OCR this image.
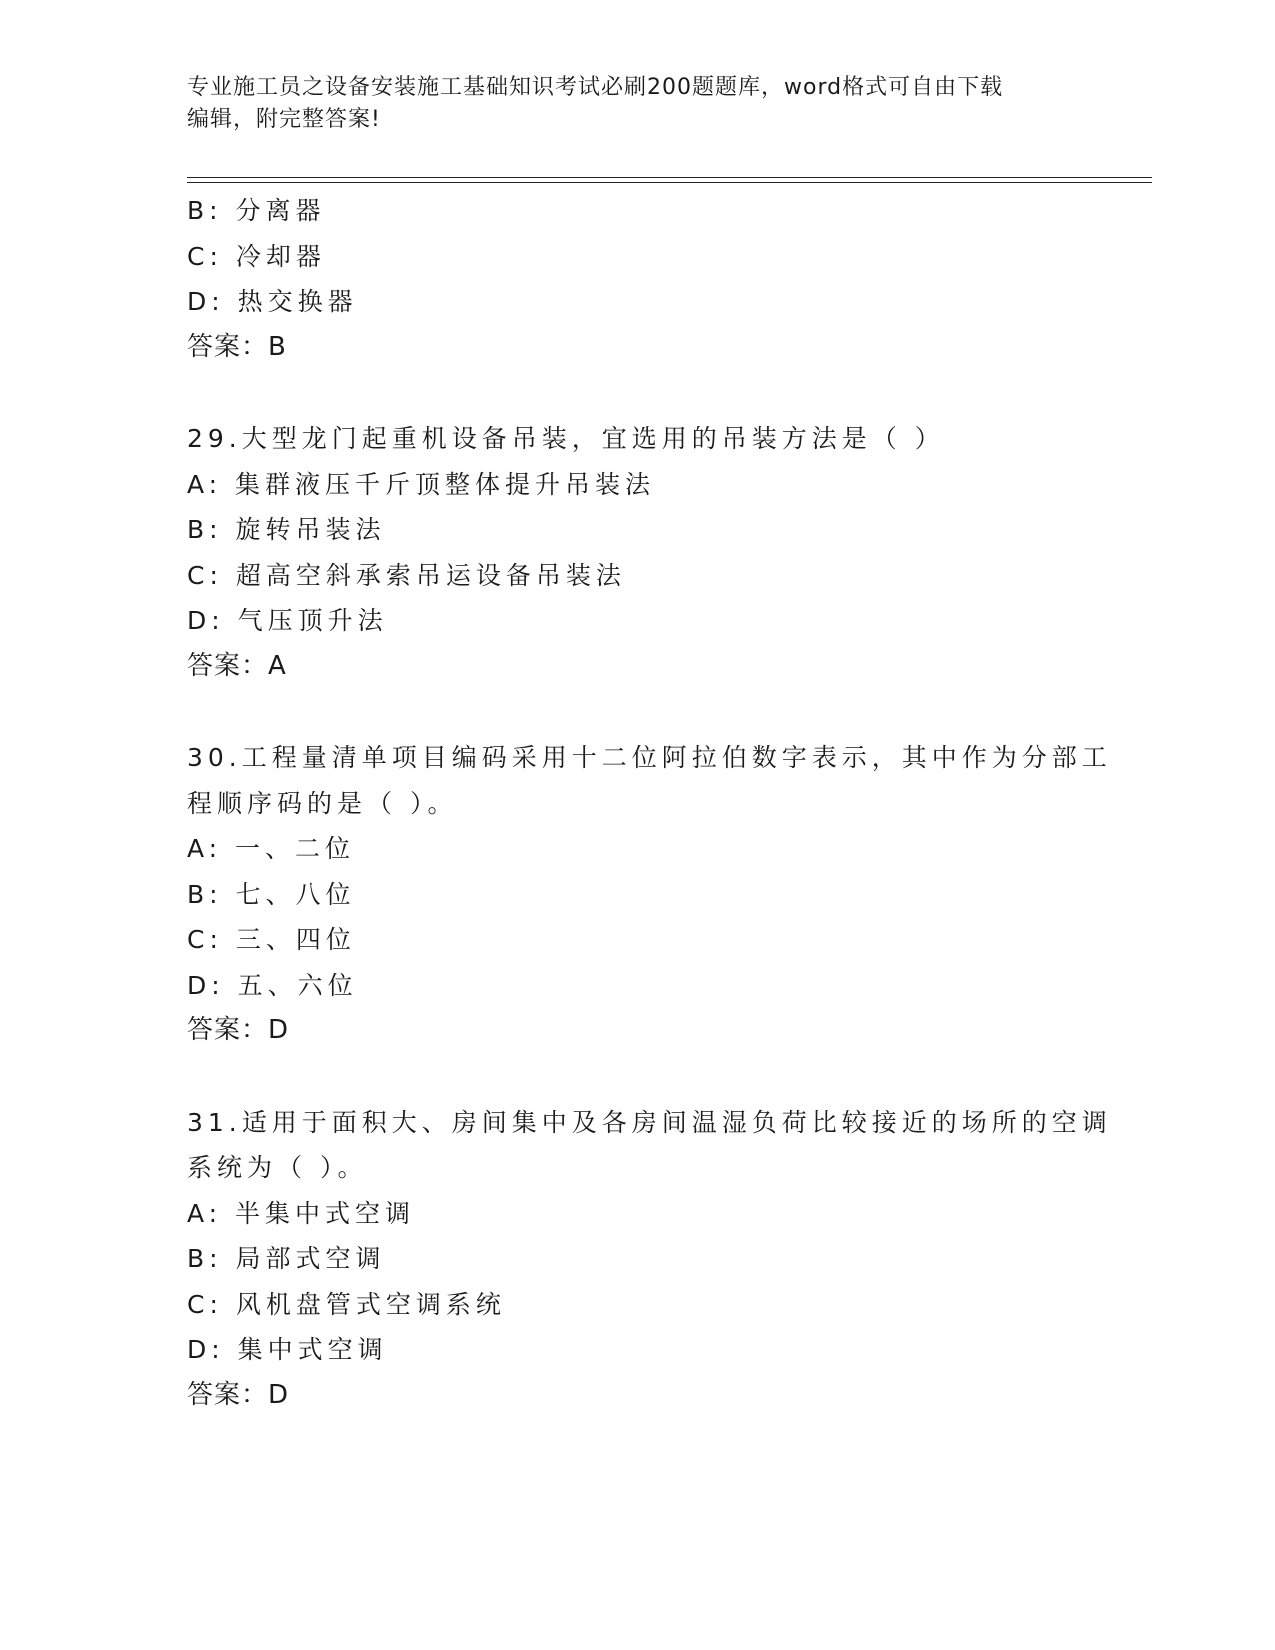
专业施工员之设备安装施工基础知识考试必刷200题题库，word格式可自由下载
编辑，附完整答案!
B: 分离器
C: 冷却器
D: 热交换器
答案：B
29.大型龙门起重机设备吊装，宜选用的吊装方法是（ ）
A: 集群液压千斤顶整体提升吊装法
B: 旋转吊装法
C: 超高空斜承索吊运设备吊装法
D: 气压顶升法
答案：A
30.工程量清单项目编码采用十二位阿拉伯数字表示，其中作为分部工
程顺序码的是（ ）。
A: 一、二位
B: 七、八位
C: 三、四位
D: 五、六位
答案：D
31.适用于面积大、房间集中及各房间温湿负荷比较接近的场所的空调
系统为（ ）。
A: 半集中式空调
B: 局部式空调
C: 风机盘管式空调系统
D: 集中式空调
答案：D
